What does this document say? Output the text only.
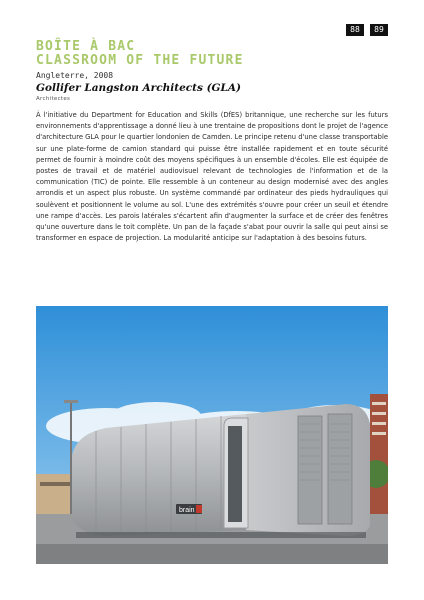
88	89
BOÎTE À BAC
CLASSROOM OF THE FUTURE
Angleterre, 2008
Gollifer Langston Architects (GLA)
Architectes

À l'initiative du Department for Education and Skills (DfES) britannique, une recherche sur les futurs environnements d'apprentissage a donné lieu à une trentaine de propositions dont le projet de l'agence d'architecture GLA pour le quartier londonien de Camden. Le principe retenu d'une classe transportable sur une plate-forme de camion standard qui puisse être installée rapidement et en toute sécurité permet de fournir à moindre coût des moyens spécifiques à un ensemble d'écoles. Elle est équipée de postes de travail et de matériel audiovisuel relevant de technologies de l'information et de la communication (TIC) de pointe. Elle ressemble à un conteneur au design modernisé avec des angles arrondis et un aspect plus robuste. Un système commandé par ordinateur des pieds hydrauliques qui soulèvent et positionnent le volume au sol. L'une des extrémités s'ouvre pour créer un seuil et étendre une rampe d'accès. Les parois latérales s'écartent afin d'augmenter la surface et de créer des fenêtres qu'une ouverture dans le toit complète. Un pan de la façade s'abat pour ouvrir la salle qui peut ainsi se transformer en espace de projection. La modularité anticipe sur l'adaptation à des besoins futurs.

brain
